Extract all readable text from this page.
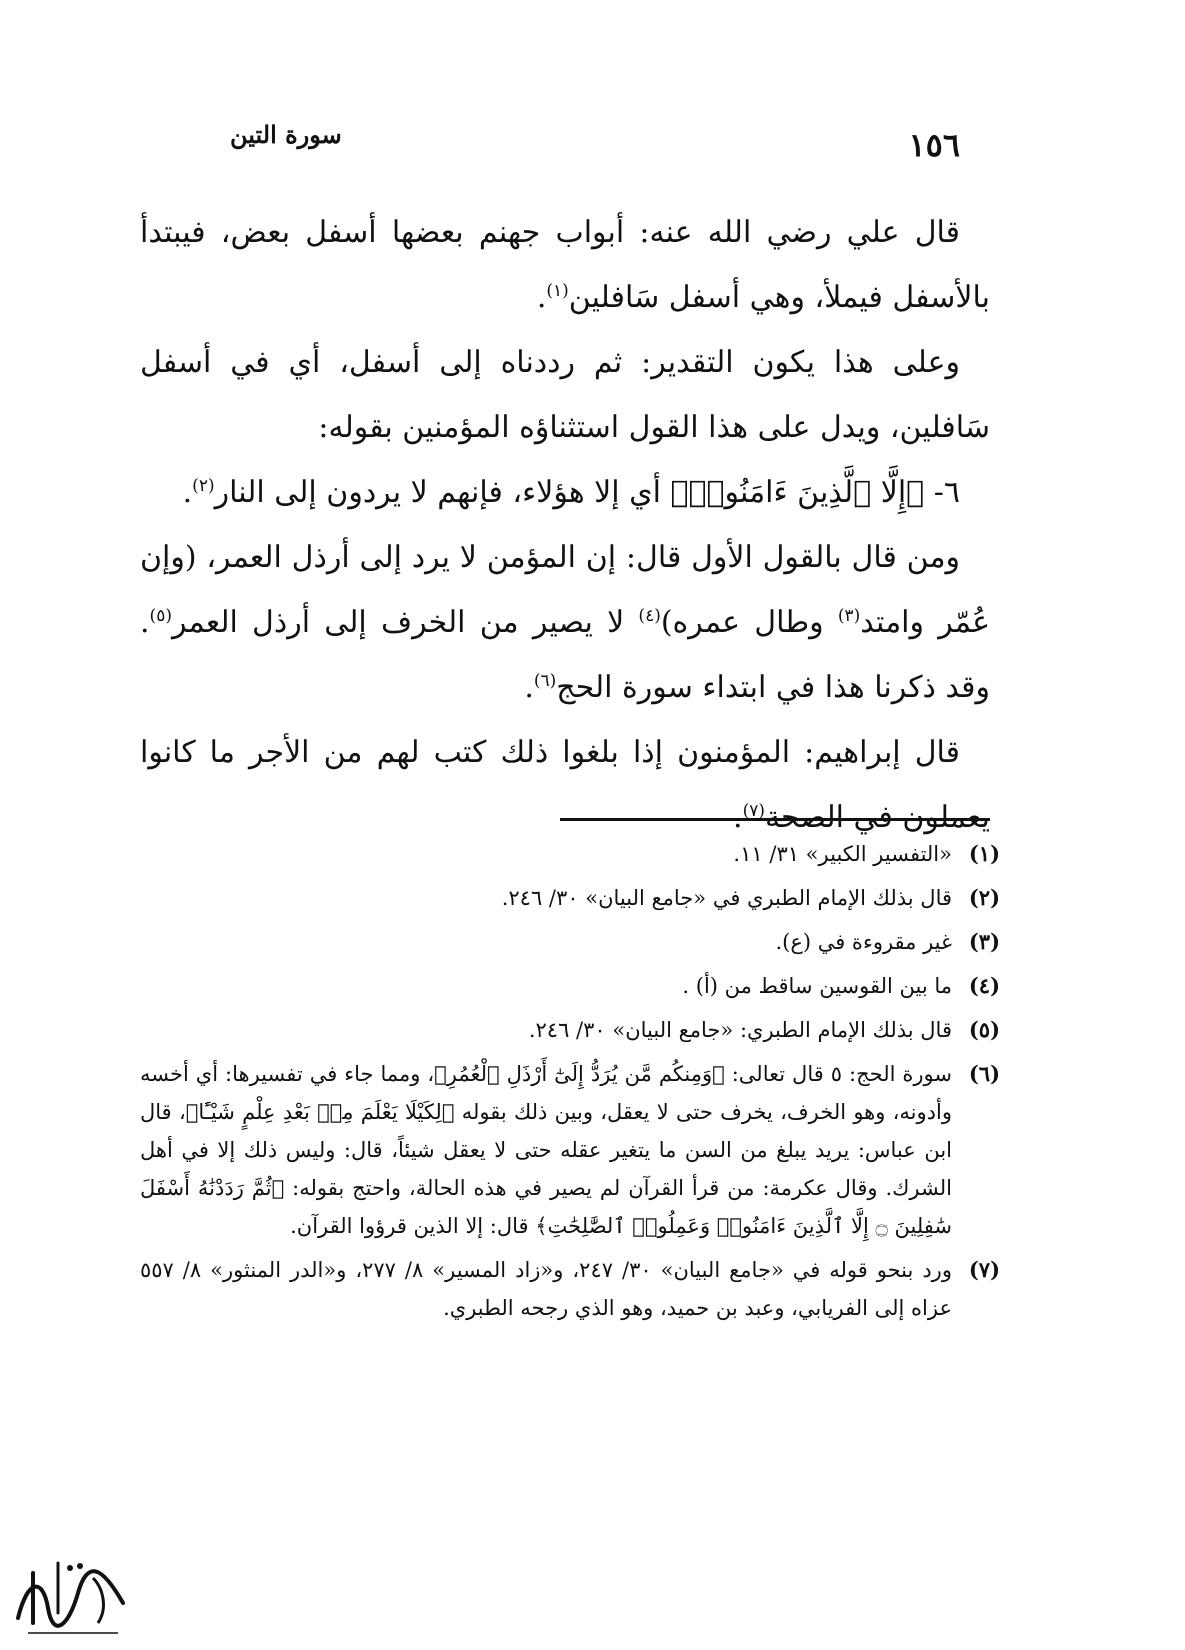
١٥٦
سورة التين

قال علي رضي الله عنه: أبواب جهنم بعضها أسفل بعض، فيبتدأ بالأسفل فيملأ، وهي أسفل سَافلين$^{(١)}$.

وعلى هذا يكون التقدير: ثم رددناه إلى أسفل، أي في أسفل سَافلين، ويدل على هذا القول استثناؤه المؤمنين بقوله:

٦- ﴿إِلَّا ٱلَّذِينَ ءَامَنُوا۟﴾ أي إلا هؤلاء، فإنهم لا يردون إلى النار$^{(٢)}$.

ومن قال بالقول الأول قال: إن المؤمن لا يرد إلى أرذل العمر، (وإن عُمّر وامتد$^{(٣)}$ وطال عمره)$^{(٤)}$ لا يصير من الخرف إلى أرذل العمر$^{(٥)}$. وقد ذكرنا هذا في ابتداء سورة الحج$^{(٦)}$.

قال إبراهيم: المؤمنون إذا بلغوا ذلك كتب لهم من الأجر ما كانوا يعملون في الصحة$^{(٧)}$.

(١)
«التفسير الكبير» ٣١/ ١١.
(٢)
قال بذلك الإمام الطبري في «جامع البيان» ٣٠/ ٢٤٦.
(٣)
غير مقروءة في (ع).
(٤)
ما بين القوسين ساقط من (أ) .
(٥)
قال بذلك الإمام الطبري: «جامع البيان» ٣٠/ ٢٤٦.
(٦)
سورة الحج: ٥ قال تعالى: ﴿وَمِنكُم مَّن يُرَدُّ إِلَىٰٓ أَرْذَلِ ٱلْعُمُرِ﴾، ومما جاء في تفسيرها: أي أخسه وأدونه، وهو الخرف، يخرف حتى لا يعقل، وبين ذلك بقوله ﴿لِكَيْلَا يَعْلَمَ مِنۢ بَعْدِ عِلْمٍ شَيْـًٔا﴾، قال ابن عباس: يريد يبلغ من السن ما يتغير عقله حتى لا يعقل شيئاً، قال: وليس ذلك إلا في أهل الشرك. وقال عكرمة: من قرأ القرآن لم يصير في هذه الحالة، واحتج بقوله: ﴿ثُمَّ رَدَدْنَٰهُ أَسْفَلَ سَٰفِلِينَ ۝ إِلَّا ٱلَّذِينَ ءَامَنُوا۟ وَعَمِلُوا۟ ٱلصَّٰلِحَٰتِ﴾ قال: إلا الذين قرؤوا القرآن.
(٧)
ورد بنحو قوله في «جامع البيان» ٣٠/ ٢٤٧، و«زاد المسير» ٨/ ٢٧٧، و«الدر المنثور» ٨/ ٥٥٧ عزاه إلى الفريابي، وعبد بن حميد، وهو الذي رجحه الطبري.
